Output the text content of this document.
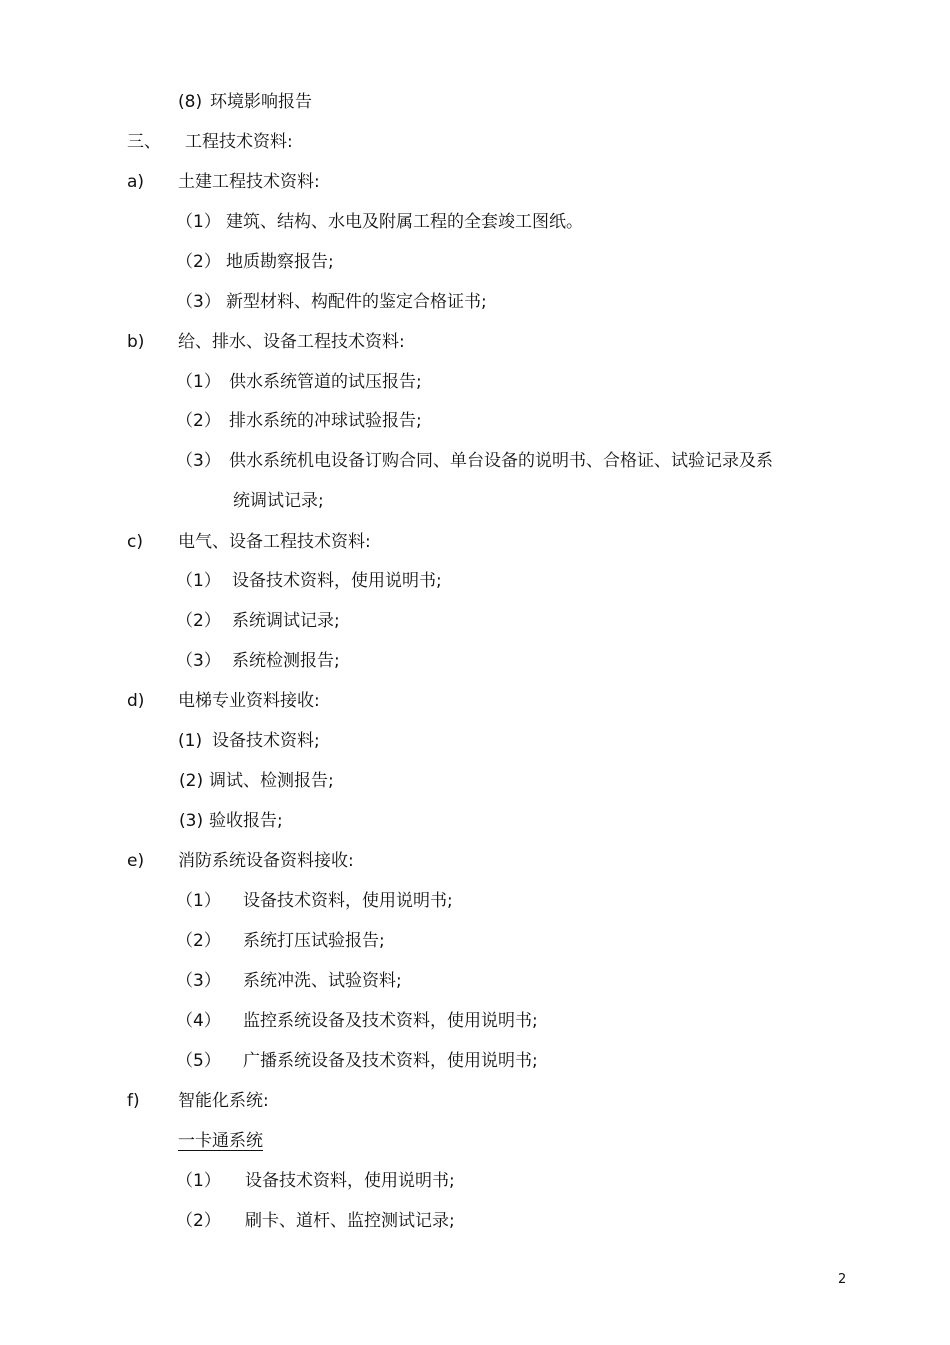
(8) 环境影响报告
三、 工程技术资料:
a) 土建工程技术资料:
（1） 建筑、结构、水电及附属工程的全套竣工图纸。
（2） 地质勘察报告;
（3） 新型材料、构配件的鉴定合格证书;
b) 给、排水、设备工程技术资料:
（1） 供水系统管道的试压报告;
（2） 排水系统的冲球试验报告;
（3） 供水系统机电设备订购合同、单台设备的说明书、合格证、试验记录及系
统调试记录;
c) 电气、设备工程技术资料:
（1） 设备技术资料，使用说明书;
（2） 系统调试记录;
（3） 系统检测报告;
d) 电梯专业资料接收:
(1) 设备技术资料;
(2) 调试、检测报告;
(3) 验收报告;
e) 消防系统设备资料接收:
（1） 设备技术资料，使用说明书;
（2） 系统打压试验报告;
（3） 系统冲洗、试验资料;
（4） 监控系统设备及技术资料，使用说明书;
（5） 广播系统设备及技术资料，使用说明书;
f) 智能化系统:
一卡通系统
（1） 设备技术资料，使用说明书;
（2） 刷卡、道杆、监控测试记录;
2
